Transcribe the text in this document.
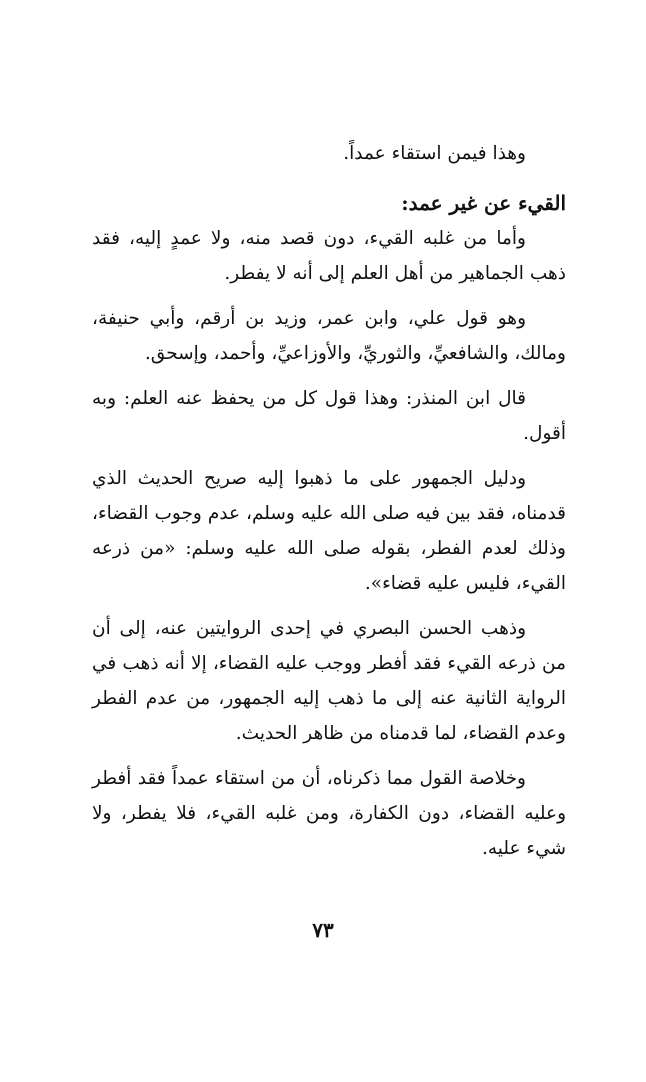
وهذا فيمن استقاء عمداً.

القيء عن غير عمد:

وأما من غلبه القيء، دون قصد منه، ولا عمدٍ إليه، فقد ذهب الجماهير من أهل العلم إلى أنه لا يفطر.

وهو قول علي، وابن عمر، وزيد بن أرقم، وأبي حنيفة، ومالك، والشافعيِّ، والثوريِّ، والأوزاعيِّ، وأحمد، وإسحق.

قال ابن المنذر: وهذا قول كل من يحفظ عنه العلم: وبه أقول.

ودليل الجمهور على ما ذهبوا إليه صريح الحديث الذي قدمناه، فقد بين فيه صلى الله عليه وسلم، عدم وجوب القضاء، وذلك لعدم الفطر، بقوله صلى الله عليه وسلم: «من ذرعه القيء، فليس عليه قضاء».

وذهب الحسن البصري في إحدى الروايتين عنه، إلى أن من ذرعه القيء فقد أفطر ووجب عليه القضاء، إلا أنه ذهب في الرواية الثانية عنه إلى ما ذهب إليه الجمهور، من عدم الفطر وعدم القضاء، لما قدمناه من ظاهر الحديث.

وخلاصة القول مما ذكرناه، أن من استقاء عمداً فقد أفطر وعليه القضاء، دون الكفارة، ومن غلبه القيء، فلا يفطر، ولا شيء عليه.

٧٣
